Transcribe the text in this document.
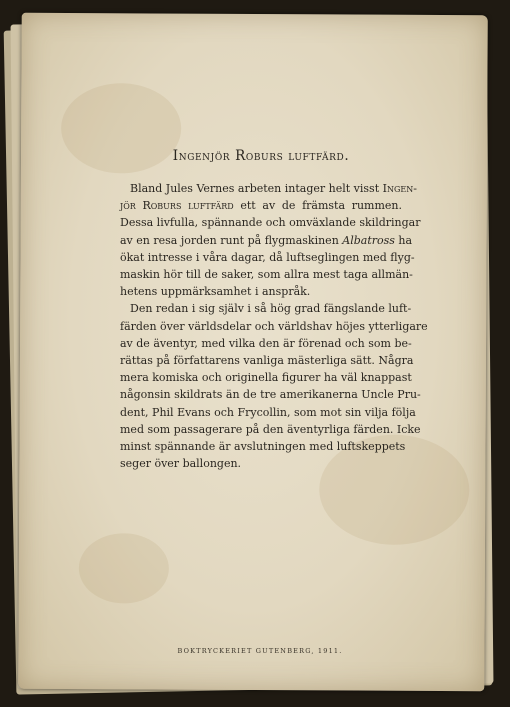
Ingenjör Roburs luftfärd.

Bland Jules Vernes arbeten intager helt visst Ingen-
jör Roburs luftfärd ett av de främsta rummen.
Dessa livfulla, spännande och omväxlande skildringar
av en resa jorden runt på flygmaskinen Albatross ha
ökat intresse i våra dagar, då luftseglingen med flyg-
maskin hör till de saker, som allra mest taga allmän-
hetens uppmärksamhet i anspråk.

Den redan i sig själv i så hög grad fängslande luft-
färden över världsdelar och världshav höjes ytterligare
av de äventyr, med vilka den är förenad och som be-
rättas på författarens vanliga mästerliga sätt. Några
mera komiska och originella figurer ha väl knappast
någonsin skildrats än de tre amerikanerna Uncle Pru-
dent, Phil Evans och Frycollin, som mot sin vilja följa
med som passagerare på den äventyrliga färden. Icke
minst spännande är avslutningen med luftskeppets
seger över ballongen.

BOKTRYCKERIET GUTENBERG, 1911.
